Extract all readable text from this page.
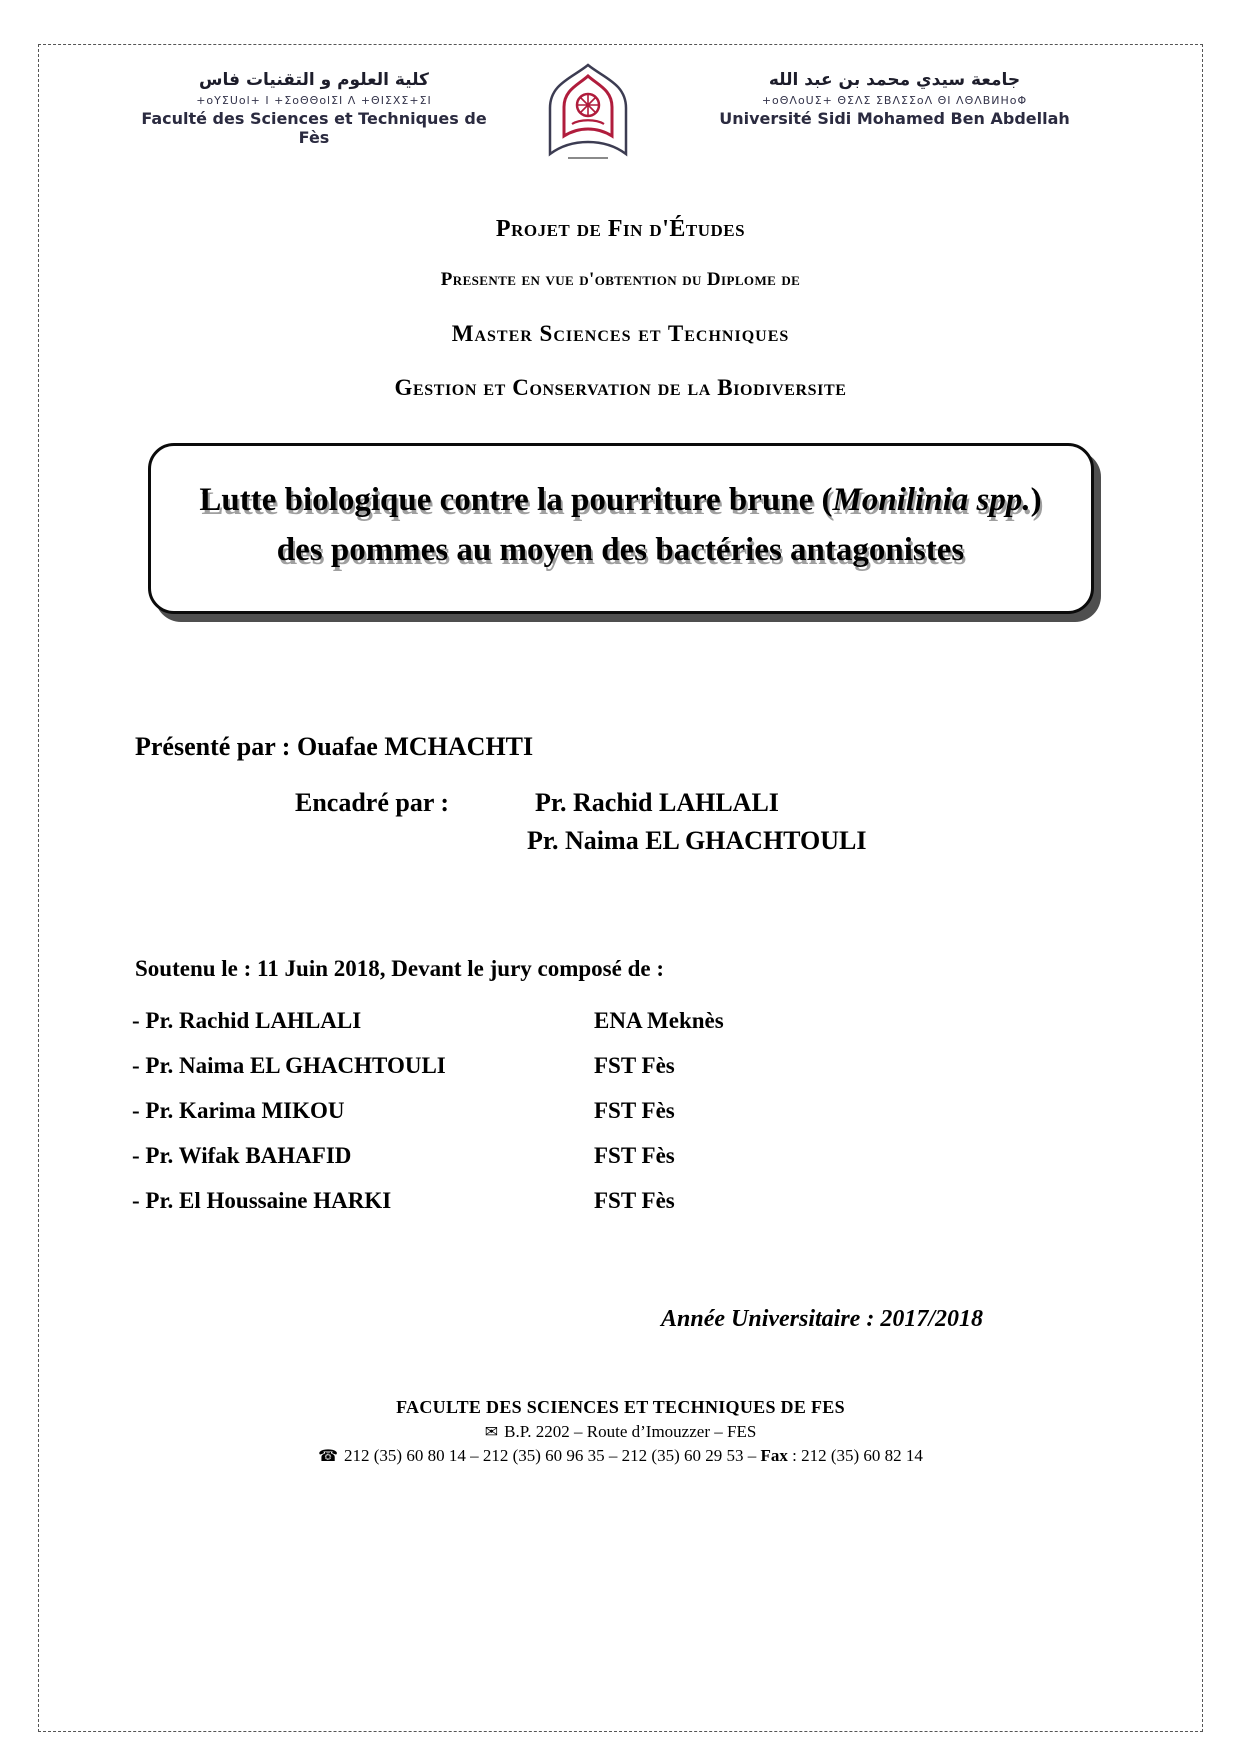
كلية العلوم و التقنيات فاس
+oYΣUol+ I +ΣoΘΘolΣI Λ +ΘIΣXΣ+ΣI
Faculté des Sciences et Techniques de Fès
جامعة سيدي محمد بن عبد الله
+oΘΛoUΣ+ ΘΣΛΣ ΣBΛΣΣoΛ ΘI ΛΘΛBИHoΦ
Université Sidi Mohamed Ben Abdellah
Projet de Fin d'Études
Presente en vue d'obtention du Diplome de
Master Sciences et Techniques
Gestion et Conservation de la Biodiversite
Lutte biologique contre la pourriture brune (Monilinia spp.) des pommes au moyen des bactéries antagonistes
Présenté par : Ouafae MCHACHTI
Encadré par :	Pr. Rachid LAHLALI
Pr. Naima EL GHACHTOULI
Soutenu le : 11 Juin 2018, Devant le jury composé de :
- Pr. Rachid LAHLALI	ENA Meknès
- Pr. Naima EL GHACHTOULI	FST Fès
- Pr. Karima MIKOU	FST Fès
- Pr. Wifak BAHAFID	FST Fès
- Pr. El Houssaine HARKI	FST Fès
Année Universitaire : 2017/2018
FACULTE DES SCIENCES ET TECHNIQUES DE FES
✉ B.P. 2202 – Route d’Imouzzer – FES
☎ 212 (35) 60 80 14 – 212 (35) 60 96 35 – 212 (35) 60 29 53 – Fax : 212 (35) 60 82 14
